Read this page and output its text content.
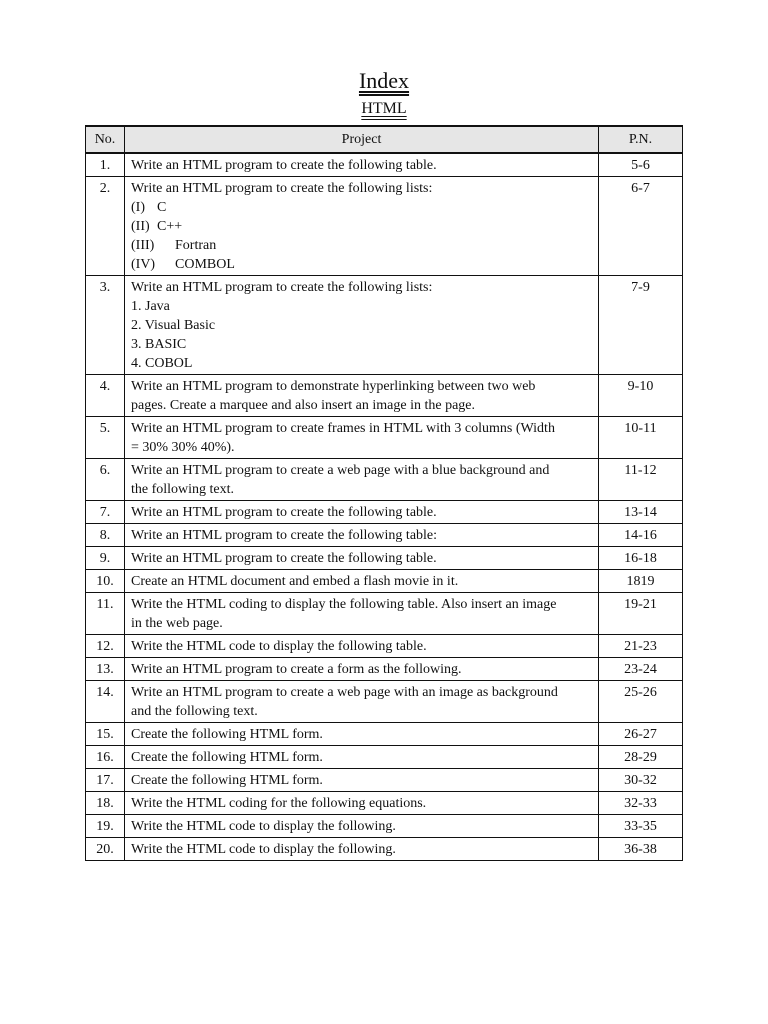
Index
HTML
No.	Project	P.N.
1.	Write an HTML program to create the following table.	5-6
2.	Write an HTML program to create the following lists:
(I) C
(II) C++
(III) Fortran
(IV) COMBOL	6-7
3.	Write an HTML program to create the following lists:
1. Java
2. Visual Basic
3. BASIC
4. COBOL	7-9
4.	Write an HTML program to demonstrate hyperlinking between two web
pages. Create a marquee and also insert an image in the page.	9-10
5.	Write an HTML program to create frames in HTML with 3 columns (Width
= 30% 30% 40%).	10-11
6.	Write an HTML program to create a web page with a blue background and
the following text.	11-12
7.	Write an HTML program to create the following table.	13-14
8.	Write an HTML program to create the following table:	14-16
9.	Write an HTML program to create the following table.	16-18
10.	Create an HTML document and embed a flash movie in it.	1819
11.	Write the HTML coding to display the following table. Also insert an image
in the web page.	19-21
12.	Write the HTML code to display the following table.	21-23
13.	Write an HTML program to create a form as the following.	23-24
14.	Write an HTML program to create a web page with an image as background
and the following text.	25-26
15.	Create the following HTML form.	26-27
16.	Create the following HTML form.	28-29
17.	Create the following HTML form.	30-32
18.	Write the HTML coding for the following equations.	32-33
19.	Write the HTML code to display the following.	33-35
20.	Write the HTML code to display the following.	36-38
